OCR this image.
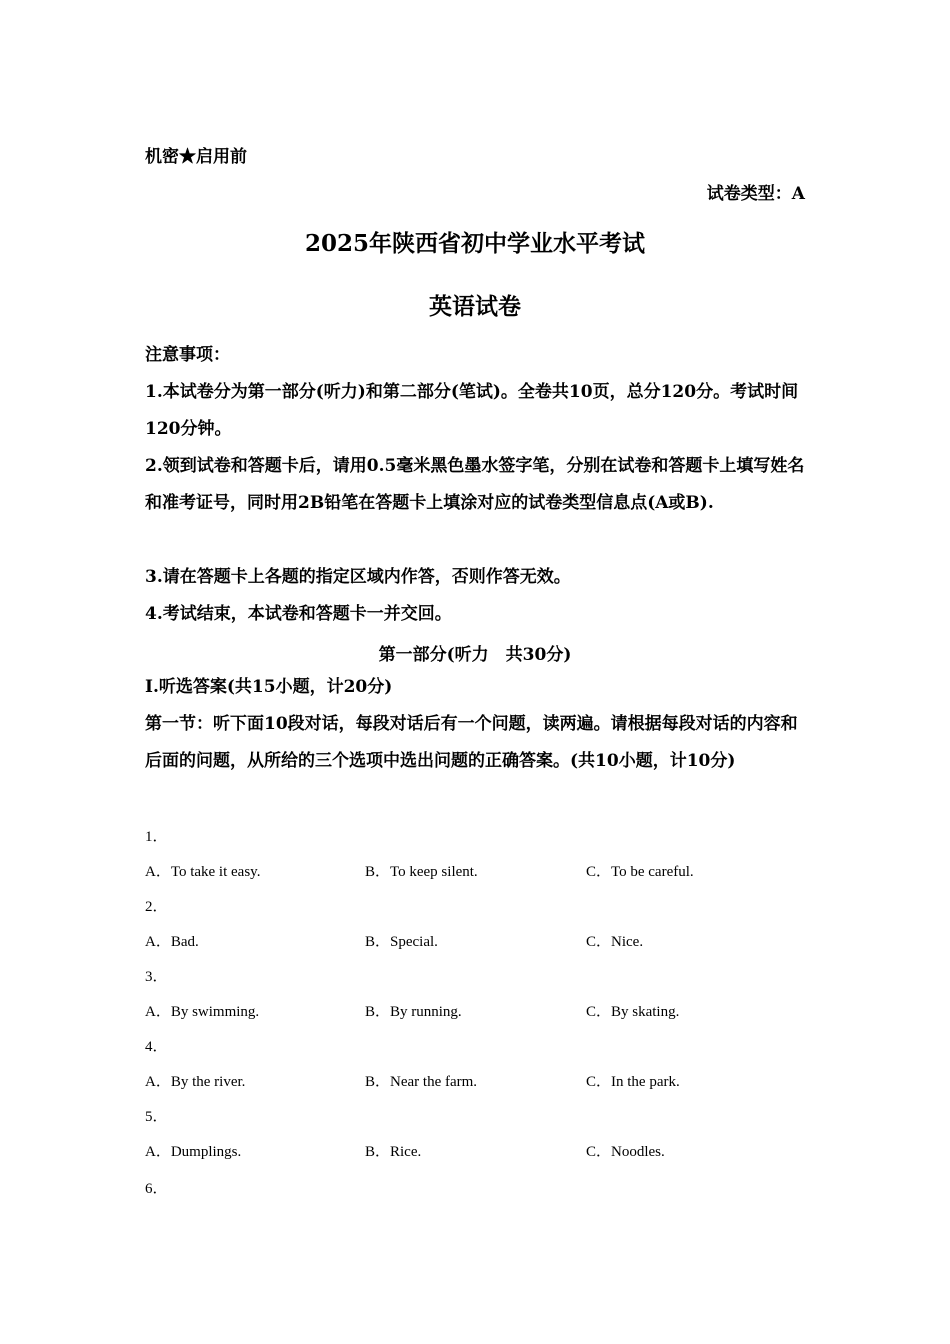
机密★启用前
试卷类型：A
2025年陕西省初中学业水平考试
英语试卷
注意事项：
1.本试卷分为第一部分(听力)和第二部分(笔试)。全卷共10页，总分120分。考试时间120分钟。
2.领到试卷和答题卡后，请用0.5毫米黑色墨水签字笔，分别在试卷和答题卡上填写姓名和准考证号，同时用2B铅笔在答题卡上填涂对应的试卷类型信息点(A或B).
3.请在答题卡上各题的指定区域内作答，否则作答无效。
4.考试结束，本试卷和答题卡一并交回。
第一部分(听力　共30分)
I.听选答案(共15小题，计20分)
第一节：听下面10段对话，每段对话后有一个问题，读两遍。请根据每段对话的内容和后面的问题，从所给的三个选项中选出问题的正确答案。(共10小题，计10分)
1．
A．To take it easy.	B．To keep silent.	C．To be careful.
2．
A．Bad.	B．Special.	C．Nice.
3．
A．By swimming.	B．By running.	C．By skating.
4．
A．By the river.	B．Near the farm.	C．In the park.
5．
A．Dumplings.	B．Rice.	C．Noodles.
6．
